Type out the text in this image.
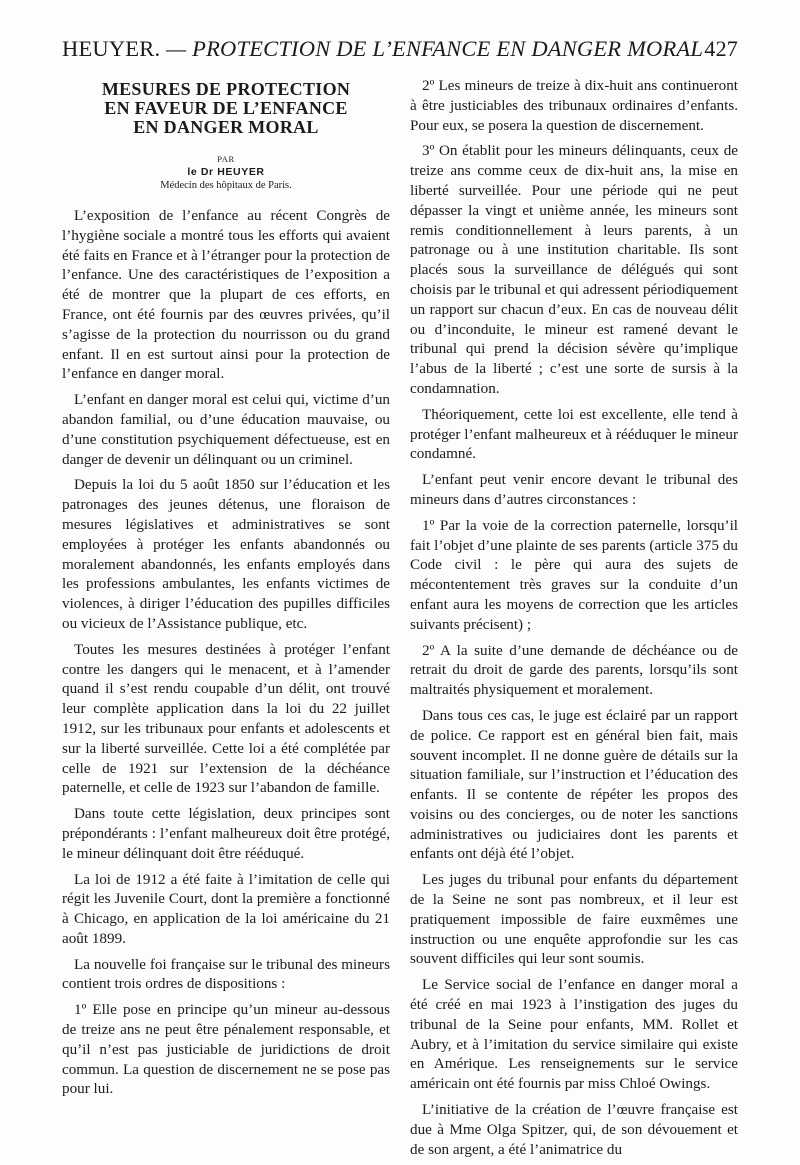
HEUYER. — PROTECTION DE L’ENFANCE EN DANGER MORAL 427
MESURES DE PROTECTION
EN FAVEUR DE L’ENFANCE
EN DANGER MORAL
PAR
le Dr HEUYER
Médecin des hôpitaux de Paris.

L’exposition de l’enfance au récent Congrès de l’hygiène sociale a montré tous les efforts qui avaient été faits en France et à l’étranger pour la protection de l’enfance. Une des caractéristiques de l’exposition a été de montrer que la plupart de ces efforts, en France, ont été fournis par des œuvres privées, qu’il s’agisse de la protection du nourrisson ou du grand enfant. Il en est surtout ainsi pour la protection de l’enfance en danger moral.

L’enfant en danger moral est celui qui, victime d’un abandon familial, ou d’une éducation mauvaise, ou d’une constitution psychiquement défectueuse, est en danger de devenir un délinquant ou un criminel.

Depuis la loi du 5 août 1850 sur l’éducation et les patronages des jeunes détenus, une floraison de mesures législatives et administratives se sont employées à protéger les enfants abandonnés ou moralement abandonnés, les enfants employés dans les professions ambulantes, les enfants victimes de violences, à diriger l’éducation des pupilles difficiles ou vicieux de l’Assistance publique, etc.

Toutes les mesures destinées à protéger l’enfant contre les dangers qui le menacent, et à l’amender quand il s’est rendu coupable d’un délit, ont trouvé leur complète application dans la loi du 22 juillet 1912, sur les tribunaux pour enfants et adolescents et sur la liberté surveillée. Cette loi a été complétée par celle de 1921 sur l’extension de la déchéance paternelle, et celle de 1923 sur l’abandon de famille.

Dans toute cette législation, deux principes sont prépondérants : l’enfant malheureux doit être protégé, le mineur délinquant doit être rééduqué.

La loi de 1912 a été faite à l’imitation de celle qui régit les Juvenile Court, dont la première a fonctionné à Chicago, en application de la loi américaine du 21 août 1899.

La nouvelle foi française sur le tribunal des mineurs contient trois ordres de dispositions :

1º Elle pose en principe qu’un mineur au-dessous de treize ans ne peut être pénalement responsable, et qu’il n’est pas justiciable de juridictions de droit commun. La question de discernement ne se pose pas pour lui.

2º Les mineurs de treize à dix-huit ans continueront à être justiciables des tribunaux ordinaires d’enfants. Pour eux, se posera la question de discernement.

3º On établit pour les mineurs délinquants, ceux de treize ans comme ceux de dix-huit ans, la mise en liberté surveillée. Pour une période qui ne peut dépasser la vingt et unième année, les mineurs sont remis conditionnellement à leurs parents, à un patronage ou à une institution charitable. Ils sont placés sous la surveillance de délégués qui sont choisis par le tribunal et qui adressent périodiquement un rapport sur chacun d’eux. En cas de nouveau délit ou d’inconduite, le mineur est ramené devant le tribunal qui prend la décision sévère qu’implique l’abus de la liberté ; c’est une sorte de sursis à la condamnation.

Théoriquement, cette loi est excellente, elle tend à protéger l’enfant malheureux et à rééduquer le mineur condamné.

L’enfant peut venir encore devant le tribunal des mineurs dans d’autres circonstances :

1º Par la voie de la correction paternelle, lorsqu’il fait l’objet d’une plainte de ses parents (article 375 du Code civil : le père qui aura des sujets de mécontentement très graves sur la conduite d’un enfant aura les moyens de correction que les articles suivants précisent) ;

2º A la suite d’une demande de déchéance ou de retrait du droit de garde des parents, lorsqu’ils sont maltraités physiquement et moralement.

Dans tous ces cas, le juge est éclairé par un rapport de police. Ce rapport est en général bien fait, mais souvent incomplet. Il ne donne guère de détails sur la situation familiale, sur l’instruction et l’éducation des enfants. Il se contente de répéter les propos des voisins ou des concierges, ou de noter les sanctions administratives ou judiciaires dont les parents et enfants ont déjà été l’objet.

Les juges du tribunal pour enfants du département de la Seine ne sont pas nombreux, et il leur est pratiquement impossible de faire euxmêmes une instruction ou une enquête approfondie sur les cas souvent difficiles qui leur sont soumis.

Le Service social de l’enfance en danger moral a été créé en mai 1923 à l’instigation des juges du tribunal de la Seine pour enfants, MM. Rollet et Aubry, et à l’imitation du service similaire qui existe en Amérique. Les renseignements sur le service américain ont été fournis par miss Chloé Owings.

L’initiative de la création de l’œuvre française est due à Mme Olga Spitzer, qui, de son dévouement et de son argent, a été l’animatrice du
